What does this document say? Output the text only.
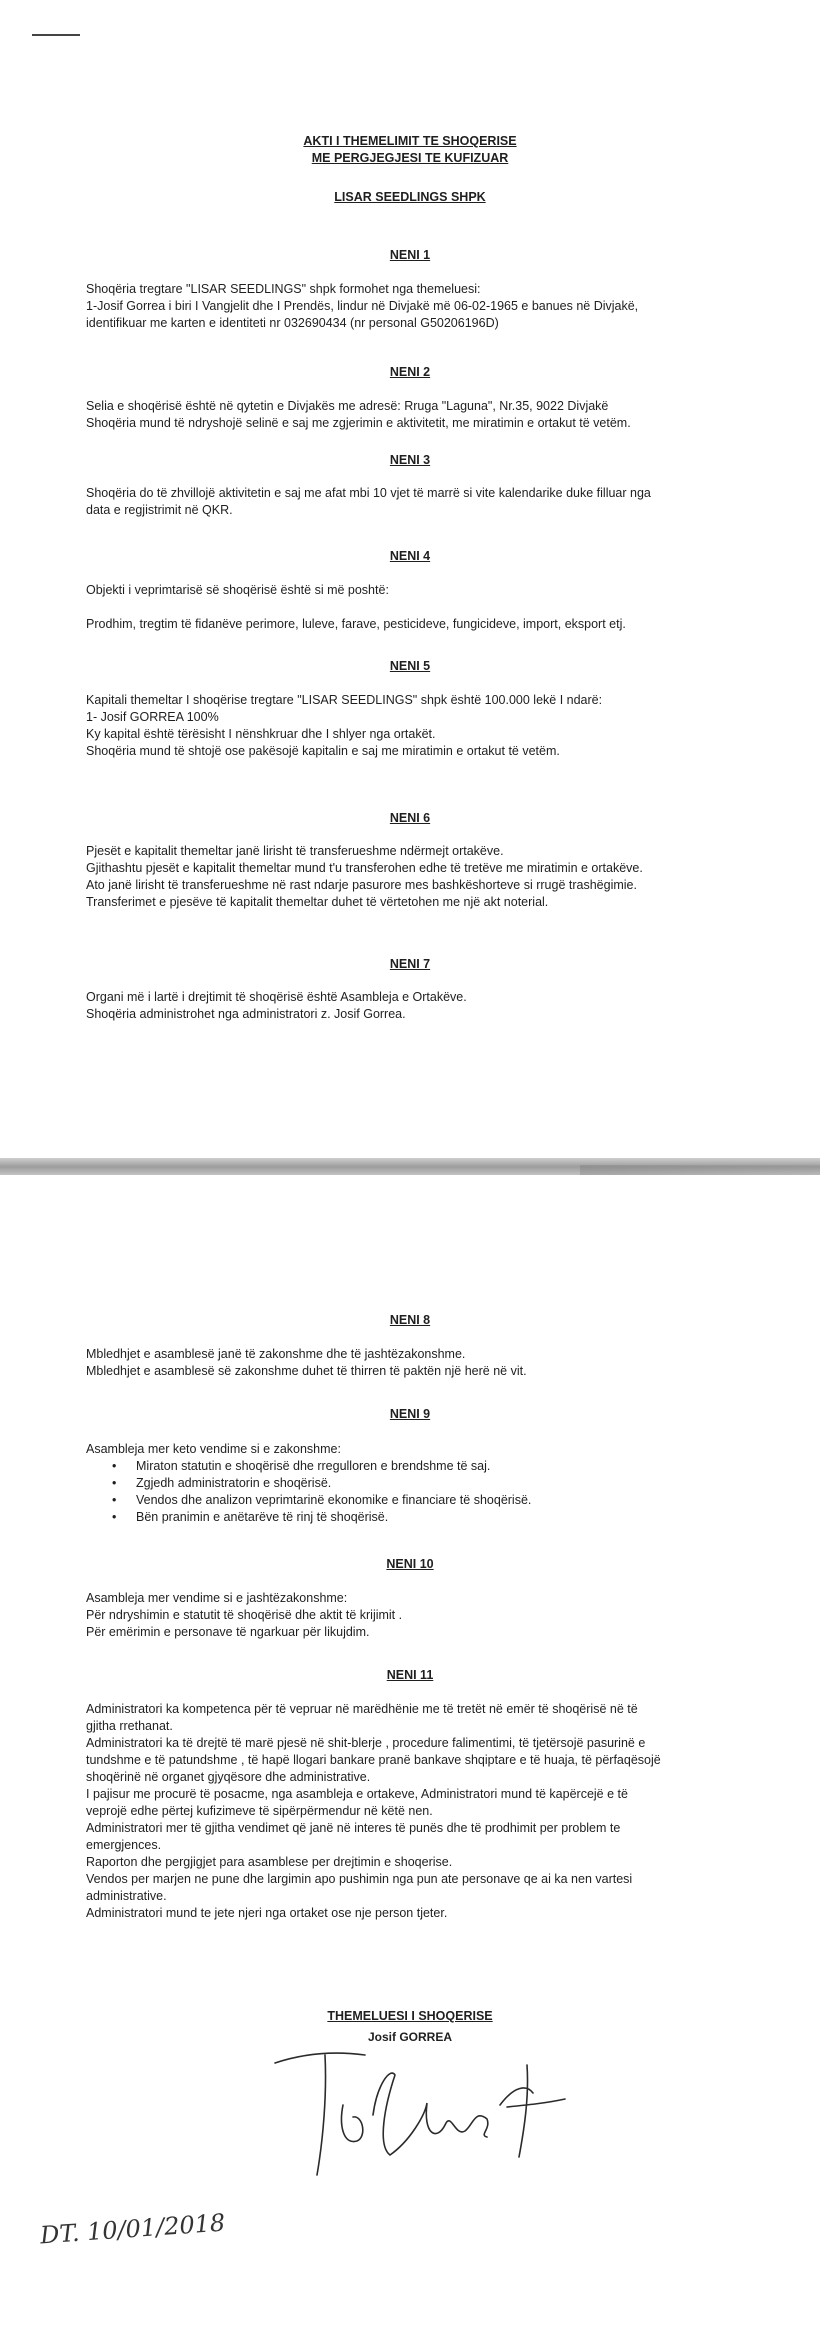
AKTI I THEMELIMIT TE SHOQERISE
ME PERGJEGJESI TE KUFIZUAR
LISAR SEEDLINGS SHPK
NENI 1

Shoqëria tregtare "LISAR SEEDLINGS" shpk formohet nga themeluesi:

1-Josif Gorrea i biri I Vangjelit dhe I Prendës, lindur në Divjakë më 06-02-1965 e banues në Divjakë,

identifikuar me karten e identiteti nr 032690434 (nr personal G50206196D)

NENI 2

Selia e shoqërisë është në qytetin e Divjakës me adresë: Rruga "Laguna", Nr.35, 9022 Divjakë

Shoqëria mund të ndryshojë selinë e saj me zgjerimin e aktivitetit, me miratimin e ortakut të vetëm.

NENI 3

Shoqëria do të zhvillojë aktivitetin e saj me afat mbi 10 vjet të marrë si vite kalendarike duke filluar nga

data e regjistrimit në QKR.

NENI 4

Objekti i veprimtarisë së shoqërisë është si më poshtë:

Prodhim, tregtim të fidanëve perimore, luleve, farave, pesticideve, fungicideve, import, eksport etj.

NENI 5

Kapitali themeltar I shoqërise tregtare "LISAR SEEDLINGS" shpk është 100.000 lekë I ndarë:

1- Josif GORREA 100%

Ky kapital është tërësisht I nënshkruar dhe I shlyer nga ortakët.

Shoqëria mund të shtojë ose pakësojë kapitalin e saj me miratimin e ortakut të vetëm.

NENI 6

Pjesët e kapitalit themeltar janë lirisht të transferueshme ndërmejt ortakëve.

Gjithashtu pjesët e kapitalit themeltar mund t'u transferohen edhe të tretëve me miratimin e ortakëve.

Ato janë lirisht të transferueshme në rast ndarje pasurore mes bashkëshorteve si rrugë trashëgimie.

Transferimet e pjesëve të kapitalit themeltar duhet të vërtetohen me një akt noterial.

NENI 7

Organi më i lartë i drejtimit të shoqërisë është Asambleja e Ortakëve.

Shoqëria administrohet nga administratori z. Josif Gorrea.

NENI 8

Mbledhjet e asamblesë janë të zakonshme dhe të jashtëzakonshme.

Mbledhjet e asamblesë së zakonshme duhet të thirren të paktën një herë në vit.

NENI 9

Asambleja mer keto vendime si e zakonshme:

• Miraton statutin e shoqërisë dhe rregulloren e brendshme të saj.
• Zgjedh administratorin e shoqërisë.
• Vendos dhe analizon veprimtarinë ekonomike e financiare të shoqërisë.
• Bën pranimin e anëtarëve të rinj të shoqërisë.
NENI 10

Asambleja mer vendime si e jashtëzakonshme:

Për ndryshimin e statutit të shoqërisë dhe aktit të krijimit .

Për emërimin e personave të ngarkuar për likujdim.

NENI 11

Administratori ka kompetenca për të vepruar në marëdhënie me të tretët në emër të shoqërisë në të

gjitha rrethanat.

Administratori ka të drejtë të marë pjesë në shit-blerje , procedure falimentimi, të tjetërsojë pasurinë e

tundshme e të patundshme , të hapë llogari bankare pranë bankave shqiptare e të huaja, të përfaqësojë

shoqërinë në organet gjyqësore dhe administrative.

I pajisur me procurë të posacme, nga asambleja e ortakeve, Administratori mund të kapërcejë e të

veprojë edhe përtej kufizimeve të sipërpërmendur në këtë nen.

Administratori mer të gjitha vendimet që janë në interes të punës dhe të prodhimit per problem te

emergjences.

Raporton dhe pergjigjet para asamblese per drejtimin e shoqerise.

Vendos per marjen ne pune dhe largimin apo pushimin nga pun ate personave qe ai ka nen vartesi

administrative.

Administratori mund te jete njeri nga ortaket ose nje person tjeter.

THEMELUESI I SHOQERISE
Josif GORREA
DT. 10/01/2018
